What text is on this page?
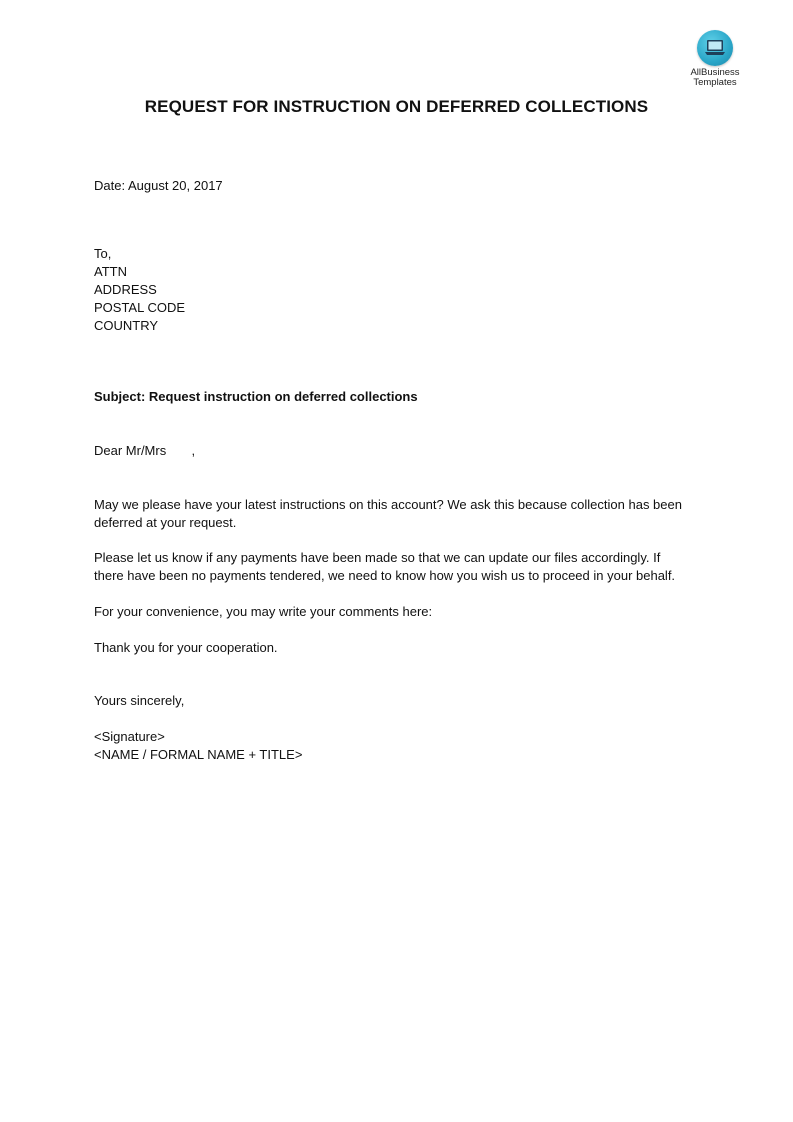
AllBusiness
Templates
REQUEST FOR INSTRUCTION ON DEFERRED COLLECTIONS
Date: August 20, 2017
To,
ATTN
ADDRESS
POSTAL CODE
COUNTRY
Subject: Request instruction on deferred collections
Dear Mr/Mrs       ,
May we please have your latest instructions on this account? We ask this because collection has been
deferred at your request.
Please let us know if any payments have been made so that we can update our files accordingly. If
there have been no payments tendered, we need to know how you wish us to proceed in your behalf.
For your convenience, you may write your comments here:
Thank you for your cooperation.
Yours sincerely,
<Signature>
<NAME / FORMAL NAME + TITLE>
